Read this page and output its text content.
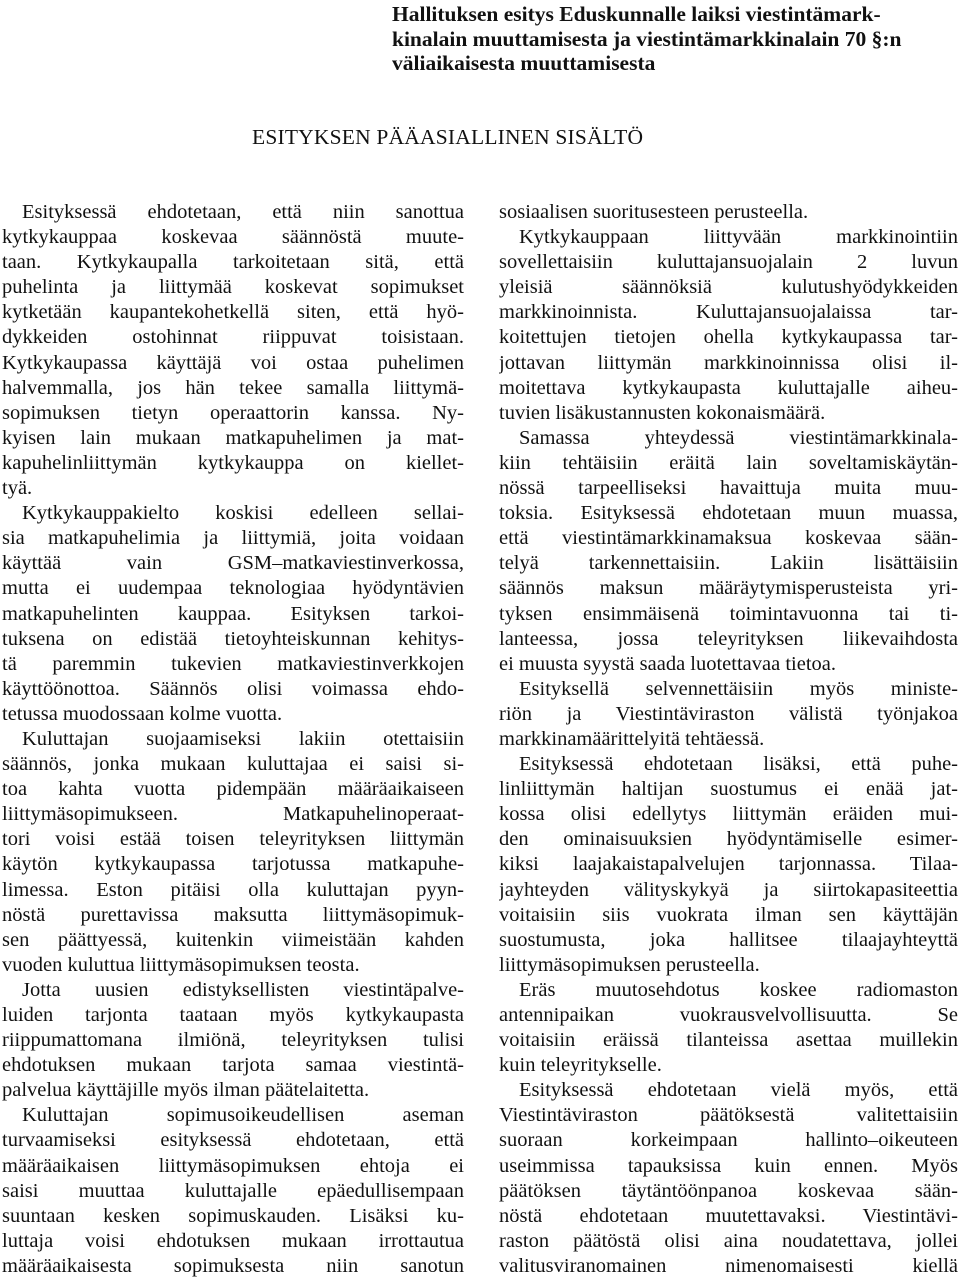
Hallituksen esitys Eduskunnalle laiksi viestintämark-
kinalain muuttamisesta ja viestintämarkkinalain 70 §:n
väliaikaisesta muuttamisesta
ESITYKSEN PÄÄASIALLINEN SISÄLTÖ
Esityksessä ehdotetaan, että niin sanottua
kytkykauppaa koskevaa säännöstä muute-
taan. Kytkykaupalla tarkoitetaan sitä, että
puhelinta ja liittymää koskevat sopimukset
kytketään kaupantekohetkellä siten, että hyö-
dykkeiden ostohinnat riippuvat toisistaan.
Kytkykaupassa käyttäjä voi ostaa puhelimen
halvemmalla, jos hän tekee samalla liittymä-
sopimuksen tietyn operaattorin kanssa. Ny-
kyisen lain mukaan matkapuhelimen ja mat-
kapuhelinliittymän kytkykauppa on kiellet-
tyä.
Kytkykauppakielto koskisi edelleen sellai-
sia matkapuhelimia ja liittymiä, joita voidaan
käyttää vain GSM–matkaviestinverkossa,
mutta ei uudempaa teknologiaa hyödyntävien
matkapuhelinten kauppaa. Esityksen tarkoi-
tuksena on edistää tietoyhteiskunnan kehitys-
tä paremmin tukevien matkaviestinverkkojen
käyttöönottoa. Säännös olisi voimassa ehdo-
tetussa muodossaan kolme vuotta.
Kuluttajan suojaamiseksi lakiin otettaisiin
säännös, jonka mukaan kuluttajaa ei saisi si-
toa kahta vuotta pidempään määräaikaiseen
liittymäsopimukseen. Matkapuhelinoperaat-
tori voisi estää toisen teleyrityksen liittymän
käytön kytkykaupassa tarjotussa matkapuhe-
limessa. Eston pitäisi olla kuluttajan pyyn-
nöstä purettavissa maksutta liittymäsopimuk-
sen päättyessä, kuitenkin viimeistään kahden
vuoden kuluttua liittymäsopimuksen teosta.
Jotta uusien edistyksellisten viestintäpalve-
luiden tarjonta taataan myös kytkykaupasta
riippumattomana ilmiönä, teleyrityksen tulisi
ehdotuksen mukaan tarjota samaa viestintä-
palvelua käyttäjille myös ilman päätelaitetta.
Kuluttajan sopimusoikeudellisen aseman
turvaamiseksi esityksessä ehdotetaan, että
määräaikaisen liittymäsopimuksen ehtoja ei
saisi muuttaa kuluttajalle epäedullisempaan
suuntaan kesken sopimuskauden. Lisäksi ku-
luttaja voisi ehdotuksen mukaan irrottautua
määräaikaisesta sopimuksesta niin sanotun
sosiaalisen suoritusesteen perusteella.
Kytkykauppaan liittyvään markkinointiin
sovellettaisiin kuluttajansuojalain 2 luvun
yleisiä säännöksiä kulutushyödykkeiden
markkinoinnista. Kuluttajansuojalaissa tar-
koitettujen tietojen ohella kytkykaupassa tar-
jottavan liittymän markkinoinnissa olisi il-
moitettava kytkykaupasta kuluttajalle aiheu-
tuvien lisäkustannusten kokonaismäärä.
Samassa yhteydessä viestintämarkkinala-
kiin tehtäisiin eräitä lain soveltamiskäytän-
nössä tarpeelliseksi havaittuja muita muu-
toksia. Esityksessä ehdotetaan muun muassa,
että viestintämarkkinamaksua koskevaa sään-
telyä tarkennettaisiin. Lakiin lisättäisiin
säännös maksun määräytymisperusteista yri-
tyksen ensimmäisenä toimintavuonna tai ti-
lanteessa, jossa teleyrityksen liikevaihdosta
ei muusta syystä saada luotettavaa tietoa.
Esityksellä selvennettäisiin myös ministe-
riön ja Viestintäviraston välistä työnjakoa
markkinamäärittelyitä tehtäessä.
Esityksessä ehdotetaan lisäksi, että puhe-
linliittymän haltijan suostumus ei enää jat-
kossa olisi edellytys liittymän eräiden mui-
den ominaisuuksien hyödyntämiselle esimer-
kiksi laajakaistapalvelujen tarjonnassa. Tilaa-
jayhteyden välityskykyä ja siirtokapasiteettia
voitaisiin siis vuokrata ilman sen käyttäjän
suostumusta, joka hallitsee tilaajayhteyttä
liittymäsopimuksen perusteella.
Eräs muutosehdotus koskee radiomaston
antennipaikan vuokrausvelvollisuutta. Se
voitaisiin eräissä tilanteissa asettaa muillekin
kuin teleyritykselle.
Esityksessä ehdotetaan vielä myös, että
Viestintäviraston päätöksestä valitettaisiin
suoraan korkeimpaan hallinto–oikeuteen
useimmissa tapauksissa kuin ennen. Myös
päätöksen täytäntöönpanoa koskevaa sään-
nöstä ehdotetaan muutettavaksi. Viestintävi-
raston päätöstä olisi aina noudatettava, jollei
valitusviranomainen nimenomaisesti kiellä
